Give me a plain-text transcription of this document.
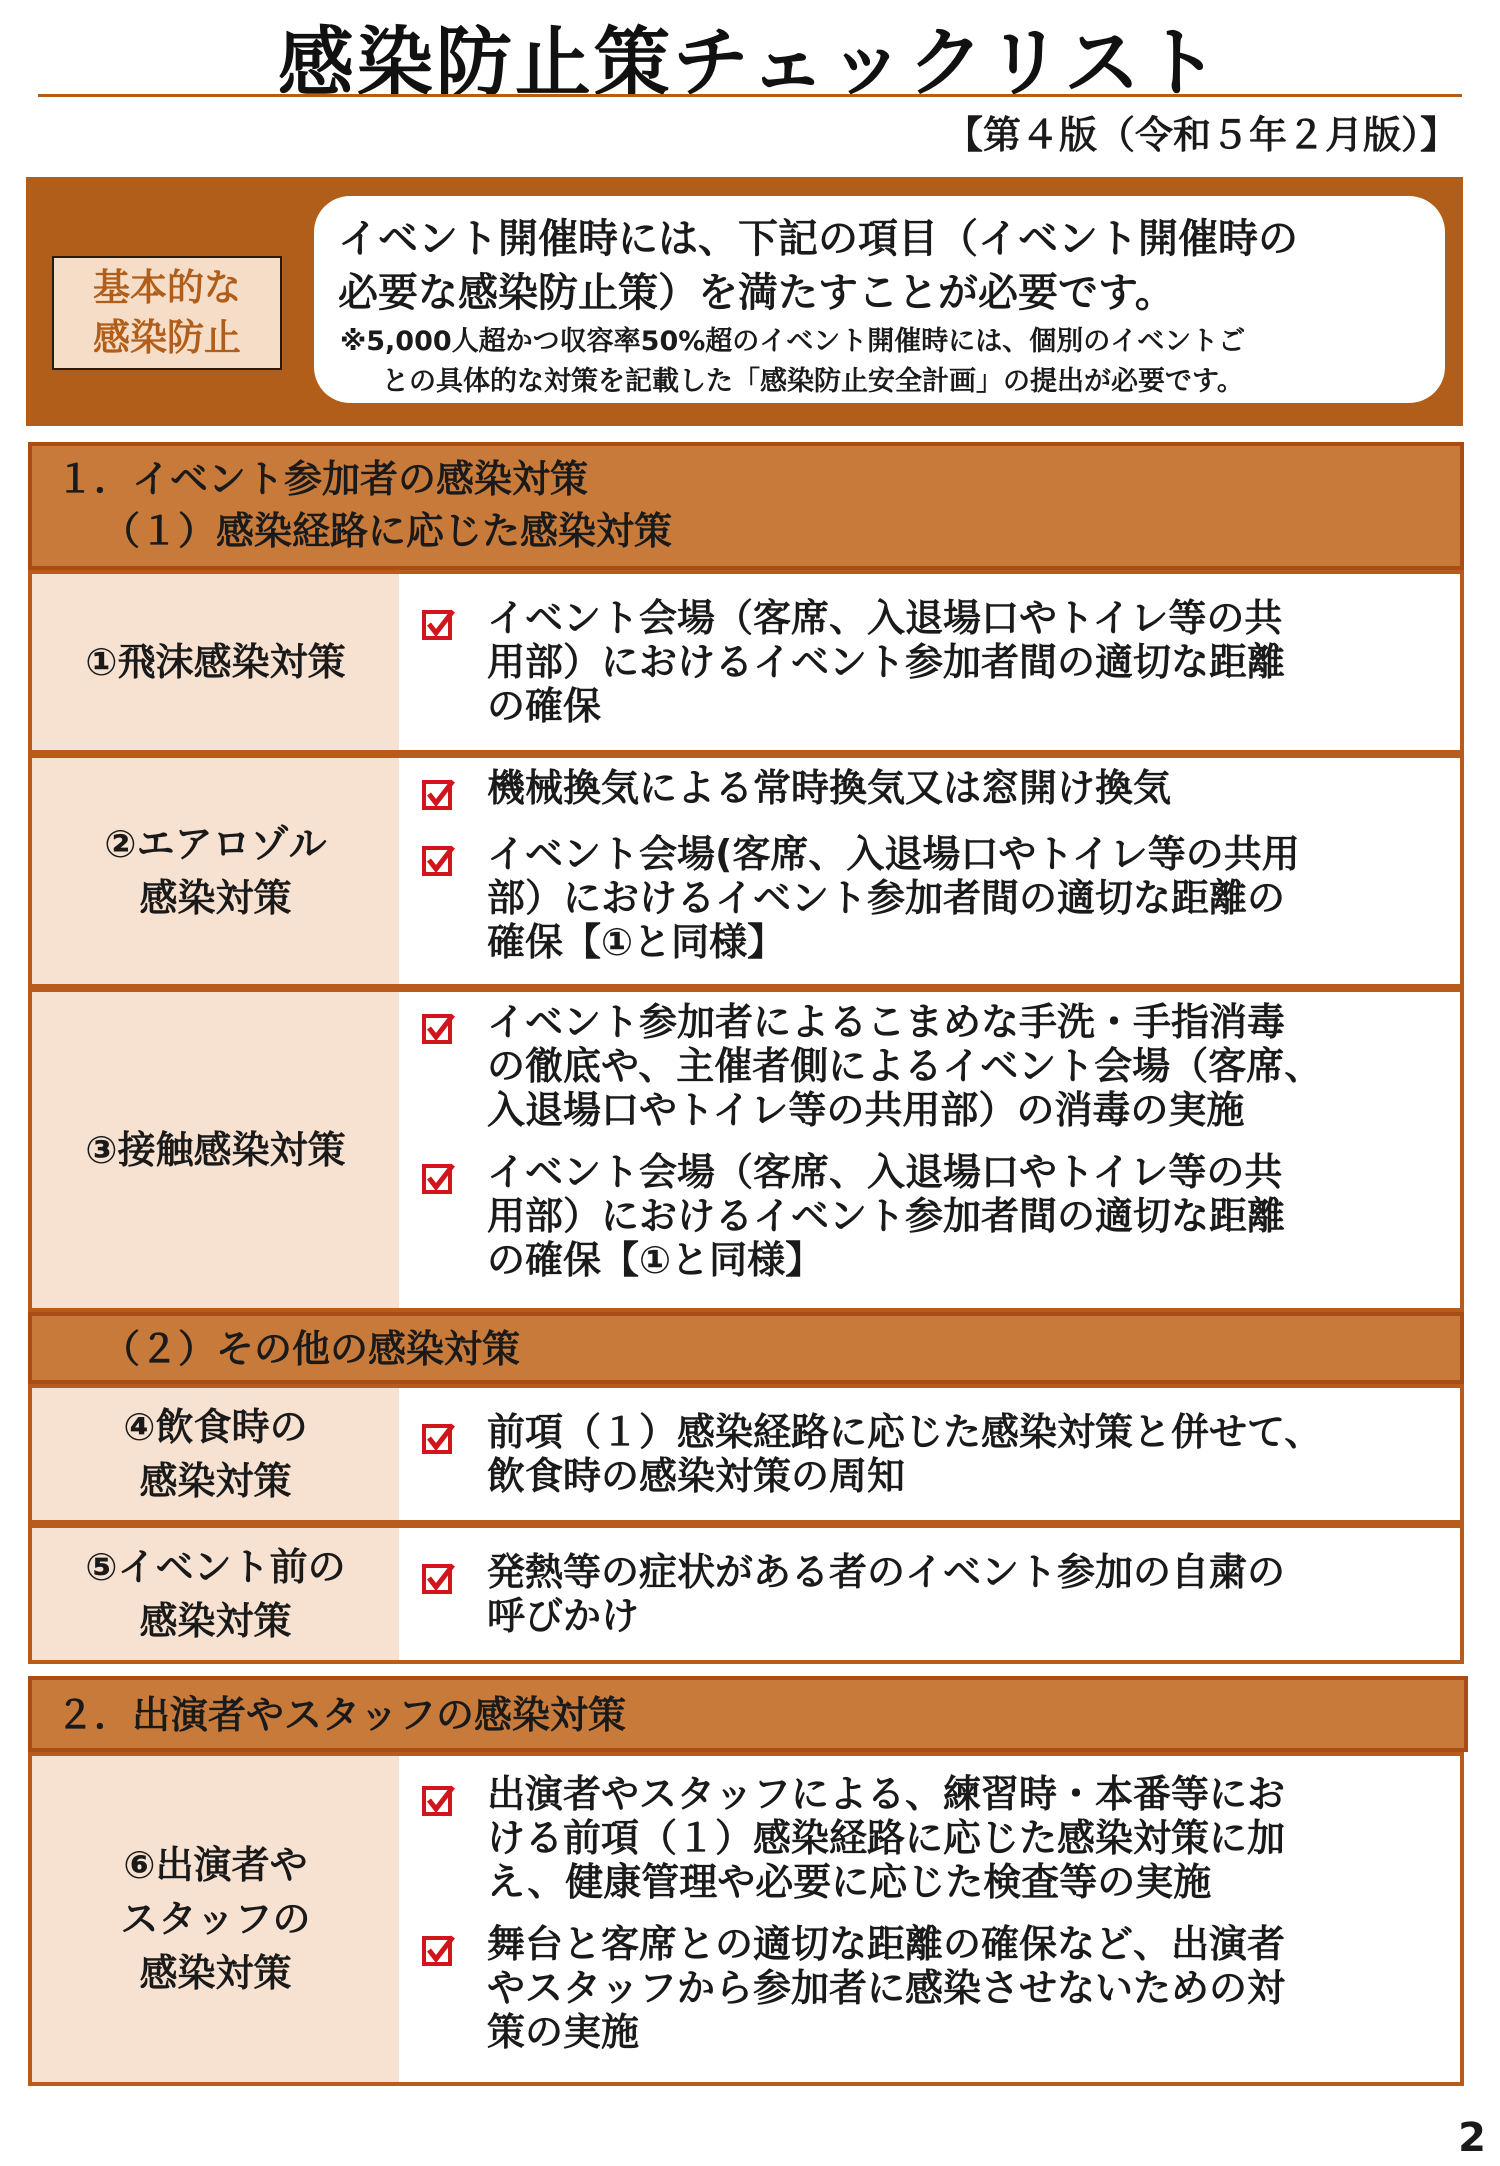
感染防止策チェックリスト
【第４版（令和５年２月版）】
基本的な
感染防止
イベント開催時には、下記の項目（イベント開催時の
必要な感染防止策）を満たすことが必要です。
※5,000人超かつ収容率50%超のイベント開催時には、個別のイベントご
との具体的な対策を記載した「感染防止安全計画」の提出が必要です。
１．イベント参加者の感染対策
（１）感染経路に応じた感染対策
①飛沫感染対策
イベント会場（客席、入退場口やトイレ等の共
用部）におけるイベント参加者間の適切な距離
の確保
②エアロゾル
感染対策
機械換気による常時換気又は窓開け換気
イベント会場(客席、入退場口やトイレ等の共用
部）におけるイベント参加者間の適切な距離の
確保【①と同様】
③接触感染対策
イベント参加者によるこまめな手洗・手指消毒
の徹底や、主催者側によるイベント会場（客席、
入退場口やトイレ等の共用部）の消毒の実施
イベント会場（客席、入退場口やトイレ等の共
用部）におけるイベント参加者間の適切な距離
の確保【①と同様】
（２）その他の感染対策
④飲食時の
感染対策
前項（１）感染経路に応じた感染対策と併せて、
飲食時の感染対策の周知
⑤イベント前の
感染対策
発熱等の症状がある者のイベント参加の自粛の
呼びかけ
２．出演者やスタッフの感染対策
⑥出演者や
スタッフの
感染対策
出演者やスタッフによる、練習時・本番等にお
ける前項（１）感染経路に応じた感染対策に加
え、健康管理や必要に応じた検査等の実施
舞台と客席との適切な距離の確保など、出演者
やスタッフから参加者に感染させないための対
策の実施
2
